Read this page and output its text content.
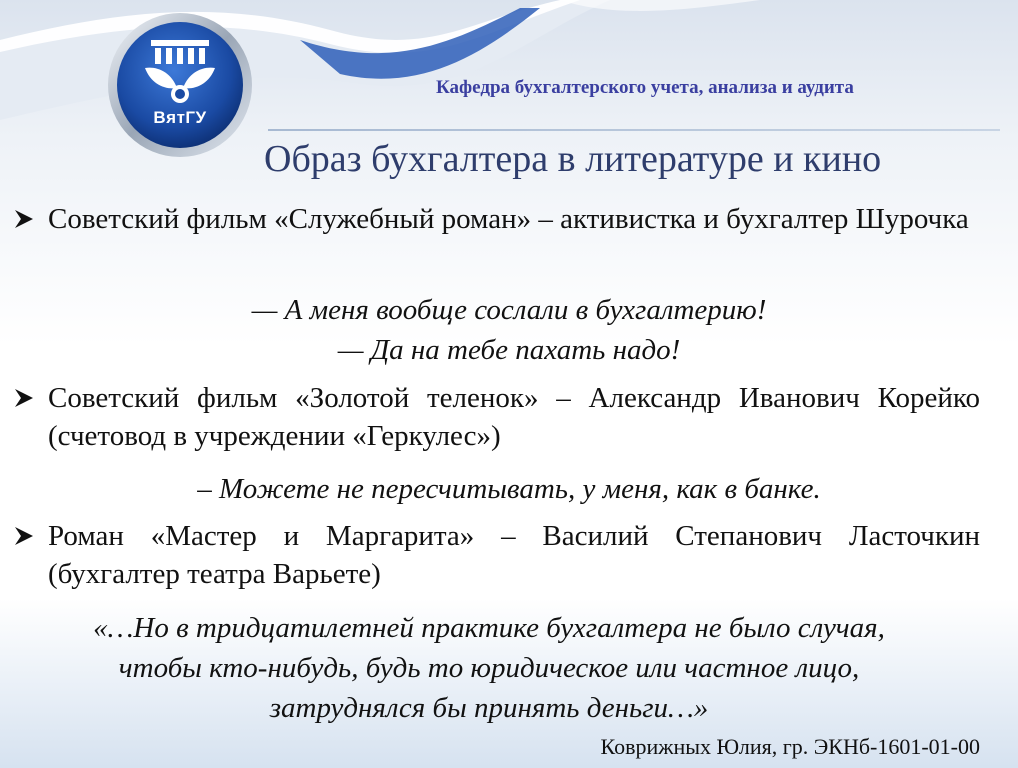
ВятГУ
Кафедра бухгалтерского учета, анализа и аудита
Образ бухгалтера в литературе и кино
Советский фильм «Служебный роман» – активистка и бухгалтер Шурочка
— А меня вообще сослали в бухгалтерию!
— Да на тебе пахать надо!
Советский фильм «Золотой теленок» – Александр Иванович Корейко (счетовод в учреждении «Геркулес»)
– Можете не пересчитывать, у меня, как в банке.
Роман «Мастер и Маргарита» – Василий Степанович Ласточкин (бухгалтер театра Варьете)
«…Но в тридцатилетней практике бухгалтера не было случая,
чтобы кто-нибудь, будь то юридическое или частное лицо,
затруднялся бы принять деньги…»
Коврижных Юлия, гр. ЭКНб-1601-01-00
